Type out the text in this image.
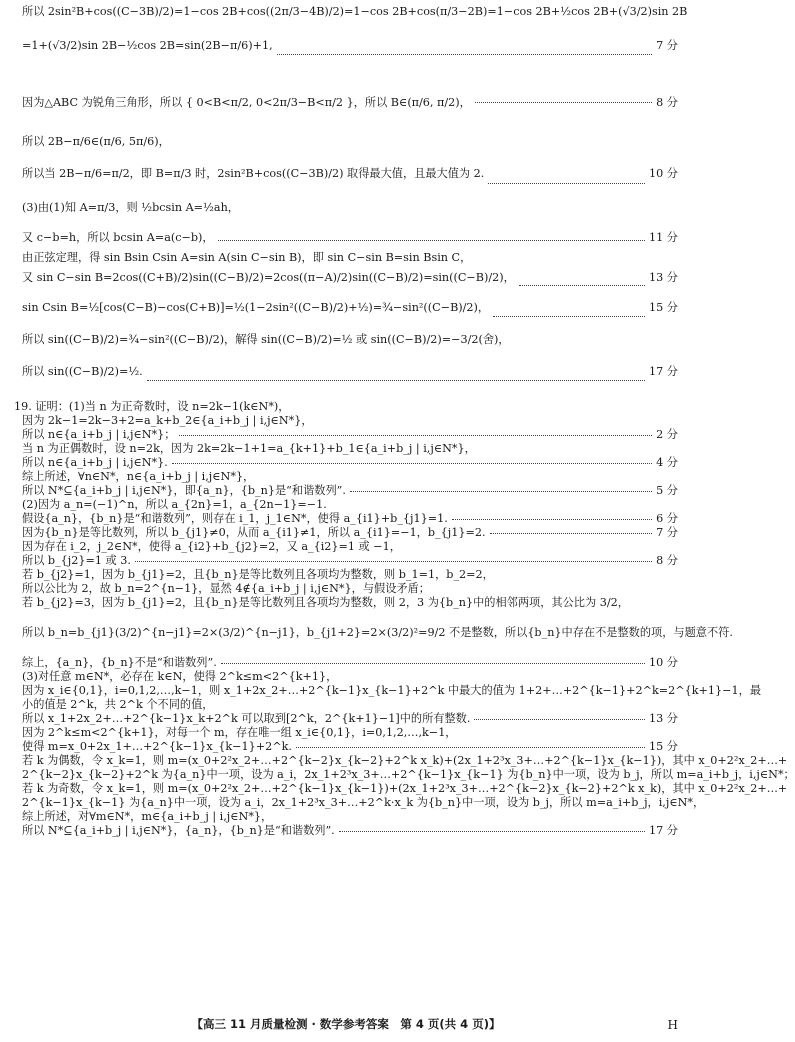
所以 2sin²B+cos((C−3B)/2)=1−cos 2B+cos((2π/3−4B)/2)=1−cos 2B+cos(π/3−2B)=1−cos 2B+½cos 2B+(√3/2)sin 2B
=1+(√3/2)sin 2B−½cos 2B=sin(2B−π/6)+1,	7 分
因为△ABC 为锐角三角形，所以 { 0<B<π/2, 0<2π/3−B<π/2 }，所以 B∈(π/6, π/2)，	8 分
所以 2B−π/6∈(π/6, 5π/6)，
所以当 2B−π/6=π/2，即 B=π/3 时，2sin²B+cos((C−3B)/2) 取得最大值，且最大值为 2.	10 分
(3)由(1)知 A=π/3，则 ½bcsin A=½ah，
又 c−b=h，所以 bcsin A=a(c−b)，	11 分
由正弦定理，得 sin Bsin Csin A=sin A(sin C−sin B)，即 sin C−sin B=sin Bsin C，
又 sin C−sin B=2cos((C+B)/2)sin((C−B)/2)=2cos((π−A)/2)sin((C−B)/2)=sin((C−B)/2)，	13 分
sin Csin B=½[cos(C−B)−cos(C+B)]=½(1−2sin²((C−B)/2)+½)=¾−sin²((C−B)/2)，	15 分
所以 sin((C−B)/2)=¾−sin²((C−B)/2)，解得 sin((C−B)/2)=½ 或 sin((C−B)/2)=−3/2(舍)，
所以 sin((C−B)/2)=½.	17 分
19. 证明：(1)当 n 为正奇数时，设 n=2k−1(k∈N*)，
因为 2k−1=2k−3+2=a_k+b_2∈{a_i+b_j | i,j∈N*}，
所以 n∈{a_i+b_j | i,j∈N*}；	2 分
当 n 为正偶数时，设 n=2k，因为 2k=2k−1+1=a_{k+1}+b_1∈{a_i+b_j | i,j∈N*}，
所以 n∈{a_i+b_j | i,j∈N*}.	4 分
综上所述，∀n∈N*，n∈{a_i+b_j | i,j∈N*}，
所以 N*⊆{a_i+b_j | i,j∈N*}，即{a_n}，{b_n}是“和谐数列”.	5 分
(2)因为 a_n=(−1)^n，所以 a_{2n}=1，a_{2n−1}=−1.
假设{a_n}，{b_n}是“和谐数列”，则存在 i_1，j_1∈N*，使得 a_{i1}+b_{j1}=1.	6 分
因为{b_n}是等比数列，所以 b_{j1}≠0，从而 a_{i1}≠1，所以 a_{i1}=−1，b_{j1}=2.	7 分
因为存在 i_2，j_2∈N*，使得 a_{i2}+b_{j2}=2，又 a_{i2}=1 或 −1，
所以 b_{j2}=1 或 3.	8 分
若 b_{j2}=1，因为 b_{j1}=2，且{b_n}是等比数列且各项均为整数，则 b_1=1，b_2=2，
所以公比为 2，故 b_n=2^{n−1}，显然 4∉{a_i+b_j | i,j∈N*}，与假设矛盾；
若 b_{j2}=3，因为 b_{j1}=2，且{b_n}是等比数列且各项均为整数，则 2，3 为{b_n}中的相邻两项，其公比为 3/2，
所以 b_n=b_{j1}(3/2)^{n−j1}=2×(3/2)^{n−j1}，b_{j1+2}=2×(3/2)²=9/2 不是整数，所以{b_n}中存在不是整数的项，与题意不符.
综上，{a_n}，{b_n}不是“和谐数列”.	10 分
(3)对任意 m∈N*，必存在 k∈N，使得 2^k≤m<2^{k+1}，
因为 x_i∈{0,1}，i=0,1,2,…,k−1，则 x_1+2x_2+…+2^{k−1}x_{k−1}+2^k 中最大的值为 1+2+…+2^{k−1}+2^k=2^{k+1}−1，最
小的值是 2^k，共 2^k 个不同的值，
所以 x_1+2x_2+…+2^{k−1}x_k+2^k 可以取到[2^k，2^{k+1}−1]中的所有整数.	13 分
因为 2^k≤m<2^{k+1}，对每一个 m，存在唯一组 x_i∈{0,1}，i=0,1,2,…,k−1，
使得 m=x_0+2x_1+…+2^{k−1}x_{k−1}+2^k.	15 分
若 k 为偶数，令 x_k=1，则 m=(x_0+2²x_2+…+2^{k−2}x_{k−2}+2^k x_k)+(2x_1+2³x_3+…+2^{k−1}x_{k−1})，其中 x_0+2²x_2+…+
2^{k−2}x_{k−2}+2^k 为{a_n}中一项，设为 a_i，2x_1+2³x_3+…+2^{k−1}x_{k−1} 为{b_n}中一项，设为 b_j，所以 m=a_i+b_j，i,j∈N*；
若 k 为奇数，令 x_k=1，则 m=(x_0+2²x_2+…+2^{k−1}x_{k−1})+(2x_1+2³x_3+…+2^{k−2}x_{k−2}+2^k x_k)，其中 x_0+2²x_2+…+
2^{k−1}x_{k−1} 为{a_n}中一项，设为 a_i，2x_1+2³x_3+…+2^k·x_k 为{b_n}中一项，设为 b_j，所以 m=a_i+b_j，i,j∈N*，
综上所述，对∀m∈N*，m∈{a_i+b_j | i,j∈N*}，
所以 N*⊆{a_i+b_j | i,j∈N*}，{a_n}，{b_n}是“和谐数列”.	17 分
【高三 11 月质量检测 · 数学参考答案　第 4 页(共 4 页)】	H
